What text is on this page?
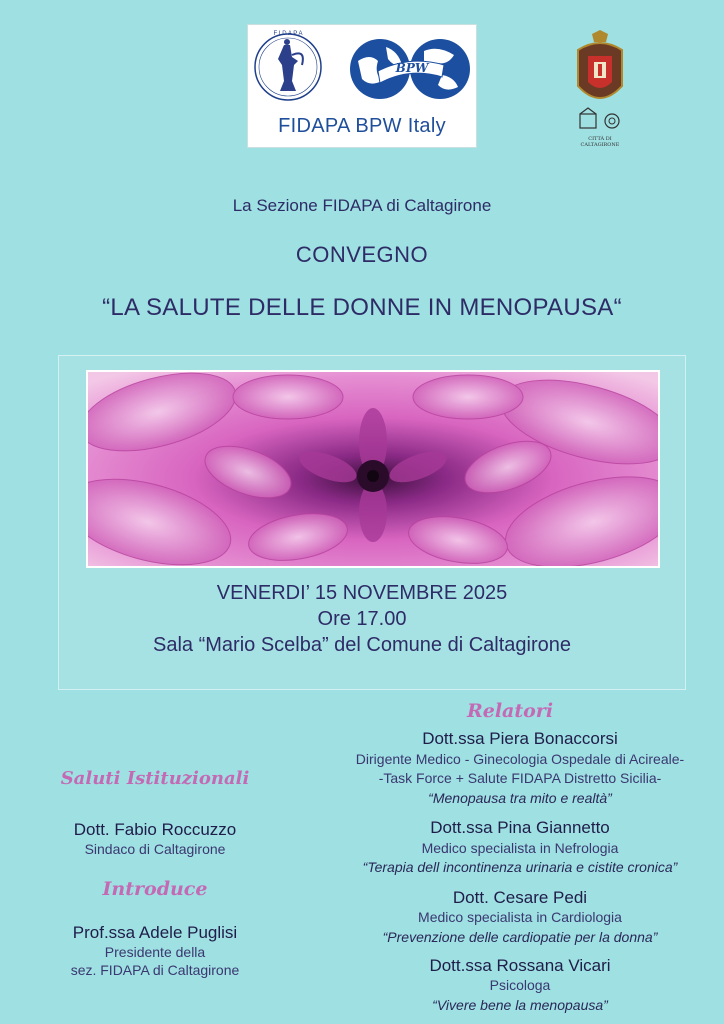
BPW
F I D A P A
FIDAPA BPW Italy
CITTÀ DI CALTAGIRONE
La Sezione FIDAPA di Caltagirone
CONVEGNO
“LA SALUTE DELLE DONNE IN MENOPAUSA“
VENERDI’ 15 NOVEMBRE 2025
Ore 17.00
Sala “Mario Scelba” del Comune di Caltagirone
Saluti Istituzionali
Dott. Fabio Roccuzzo
Sindaco di Caltagirone
Introduce
Prof.ssa Adele Puglisi
Presidente della
sez. FIDAPA di Caltagirone
Relatori
Dott.ssa Piera Bonaccorsi
Dirigente Medico - Ginecologia Ospedale di Acireale-
-Task Force + Salute FIDAPA Distretto Sicilia-
“Menopausa tra mito e realtà”
Dott.ssa Pina Giannetto
Medico specialista in Nefrologia
“Terapia dell incontinenza urinaria e cistite cronica”
Dott. Cesare Pedi
Medico specialista in Cardiologia
“Prevenzione delle cardiopatie per la donna”
Dott.ssa Rossana Vicari
Psicologa
“Vivere bene la menopausa”
